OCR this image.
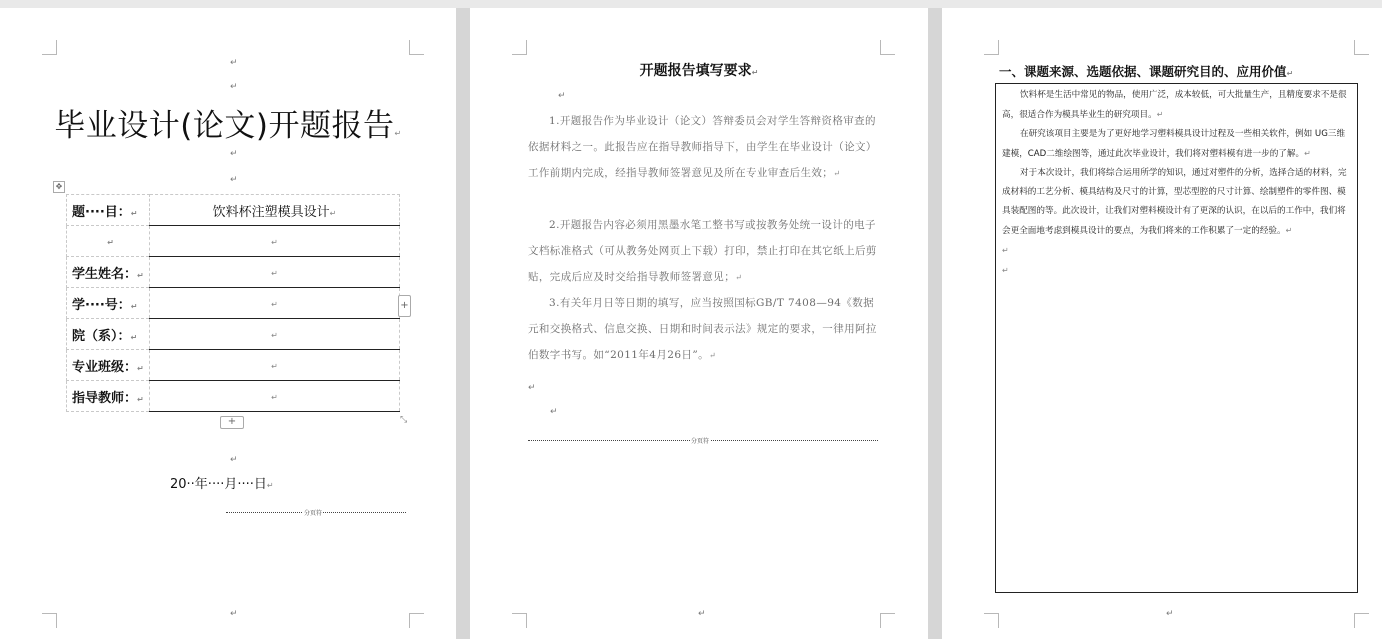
↵
↵
毕业设计(论文)开题报告↵
↵
↵
✥
题····目：↵	饮料杯注塑模具设计↵
↵	↵
学生姓名：↵	↵
学····号：↵	↵
院（系）：↵	↵
专业班级：↵	↵
指导教师：↵	↵
+
+	⤡
↵
20··年····月····日↵
分页符
↵
开题报告填写要求↵
↵

1.开题报告作为毕业设计（论文）答辩委员会对学生答辩资格审查的依据材料之一。此报告应在指导教师指导下，由学生在毕业设计（论文）工作前期内完成，经指导教师签署意见及所在专业审查后生效；↵

2.开题报告内容必须用黑墨水笔工整书写或按教务处统一设计的电子文档标准格式（可从教务处网页上下载）打印，禁止打印在其它纸上后剪贴，完成后应及时交给指导教师签署意见；↵

3.有关年月日等日期的填写，应当按照国标GB/T 7408—94《数据元和交换格式、信息交换、日期和时间表示法》规定的要求，一律用阿拉伯数字书写。如“2011年4月26日”。↵

↵
↵
分页符
↵
一、课题来源、选题依据、课题研究目的、应用价值↵

饮料杯是生活中常见的物品，使用广泛，成本较低，可大批量生产，且精度要求不是很高，很适合作为模具毕业生的研究项目。↵

在研究该项目主要是为了更好地学习塑料模具设计过程及一些相关软件，例如 UG三维建模，CAD二维绘图等，通过此次毕业设计，我们将对塑料模有进一步的了解。↵

对于本次设计，我们将综合运用所学的知识，通过对塑件的分析，选择合适的材料，完成材料的工艺分析、模具结构及尺寸的计算，型芯型腔的尺寸计算、绘制塑件的零件图、模具装配图的等。此次设计，让我们对塑料模设计有了更深的认识，在以后的工作中，我们将会更全面地考虑到模具设计的要点，为我们将来的工作积累了一定的经验。↵

↵

↵

↵
